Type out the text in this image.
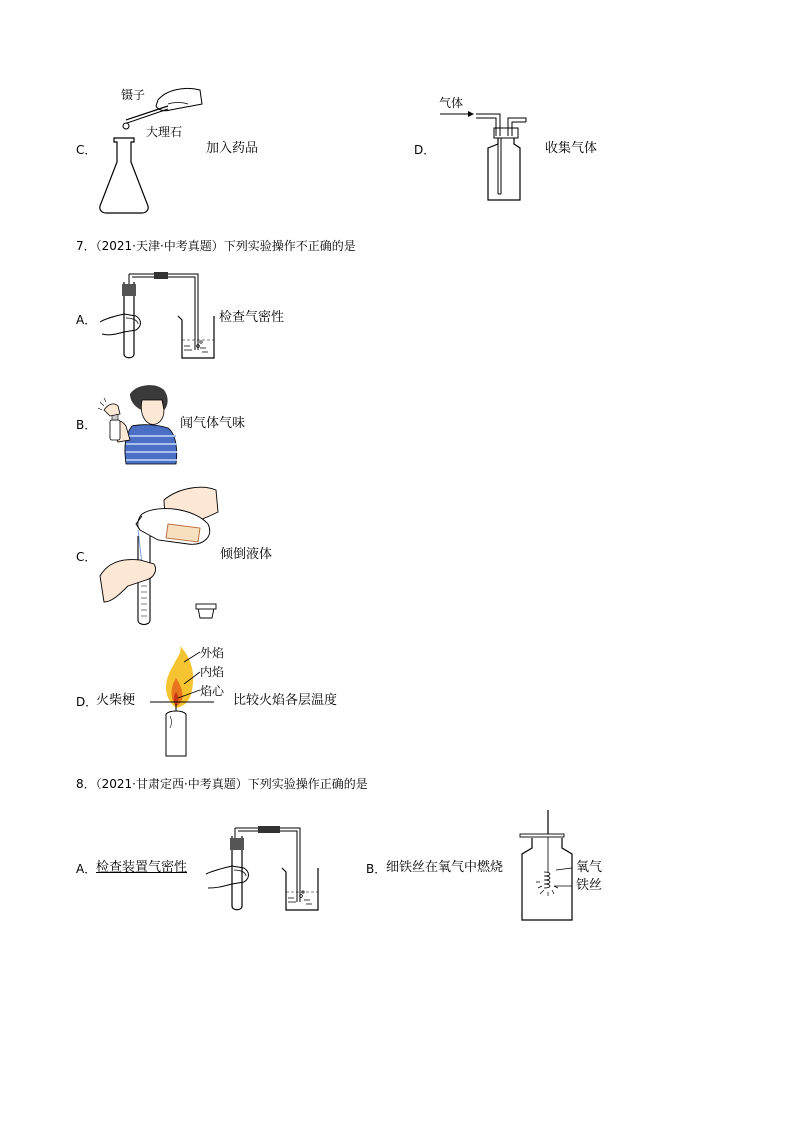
C．
镊子
大理石
加入药品	D．
气体
收集气体
7．（2021·天津·中考真题）下列实验操作不正确的是
A．	检查气密性
B．	闻气体气味
C．	倾倒液体
D．
火柴梗
外焰
内焰
焰心
比较火焰各层温度
8．（2021·甘肃定西·中考真题）下列实验操作正确的是
A． 检查装置气密性	B． 细铁丝在氧气中燃烧	氧气
铁丝
